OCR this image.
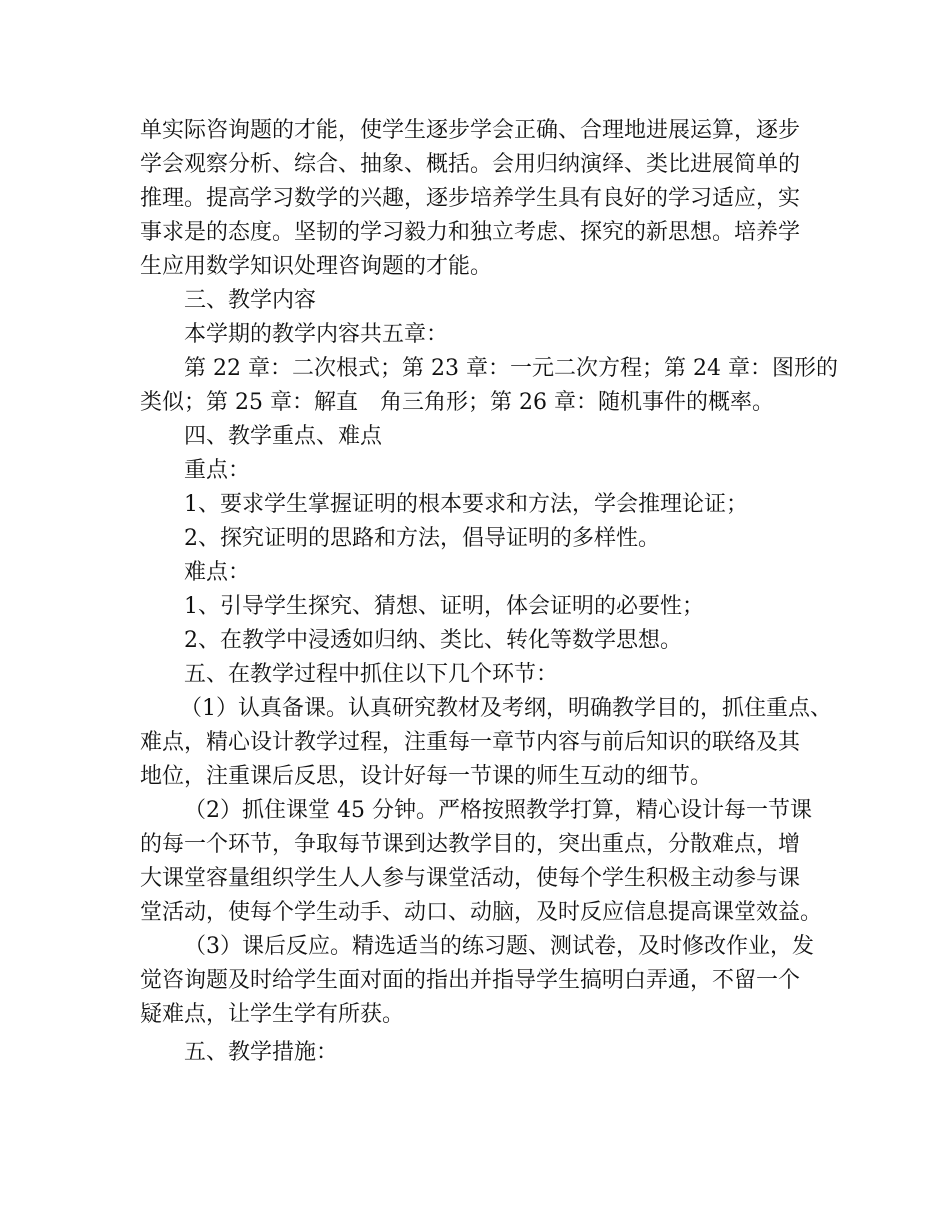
单实际咨询题的才能，使学生逐步学会正确、合理地进展运算，逐步
学会观察分析、综合、抽象、概括。会用归纳演绎、类比进展简单的
推理。提高学习数学的兴趣，逐步培养学生具有良好的学习适应，实
事求是的态度。坚韧的学习毅力和独立考虑、探究的新思想。培养学
生应用数学知识处理咨询题的才能。
三、教学内容
本学期的教学内容共五章：
第 22 章：二次根式；第 23 章：一元二次方程；第 24 章：图形的
类似；第 25 章：解直　角三角形；第 26 章：随机事件的概率。
四、教学重点、难点
重点：
1、要求学生掌握证明的根本要求和方法，学会推理论证；
2、探究证明的思路和方法，倡导证明的多样性。
难点：
1、引导学生探究、猜想、证明，体会证明的必要性；
2、在教学中浸透如归纳、类比、转化等数学思想。
五、在教学过程中抓住以下几个环节：
（1）认真备课。认真研究教材及考纲，明确教学目的，抓住重点、
难点，精心设计教学过程，注重每一章节内容与前后知识的联络及其
地位，注重课后反思，设计好每一节课的师生互动的细节。
（2）抓住课堂 45 分钟。严格按照教学打算，精心设计每一节课
的每一个环节，争取每节课到达教学目的，突出重点，分散难点，增
大课堂容量组织学生人人参与课堂活动，使每个学生积极主动参与课
堂活动，使每个学生动手、动口、动脑，及时反应信息提高课堂效益。
（3）课后反应。精选适当的练习题、测试卷，及时修改作业，发
觉咨询题及时给学生面对面的指出并指导学生搞明白弄通，不留一个
疑难点，让学生学有所获。
五、教学措施：
